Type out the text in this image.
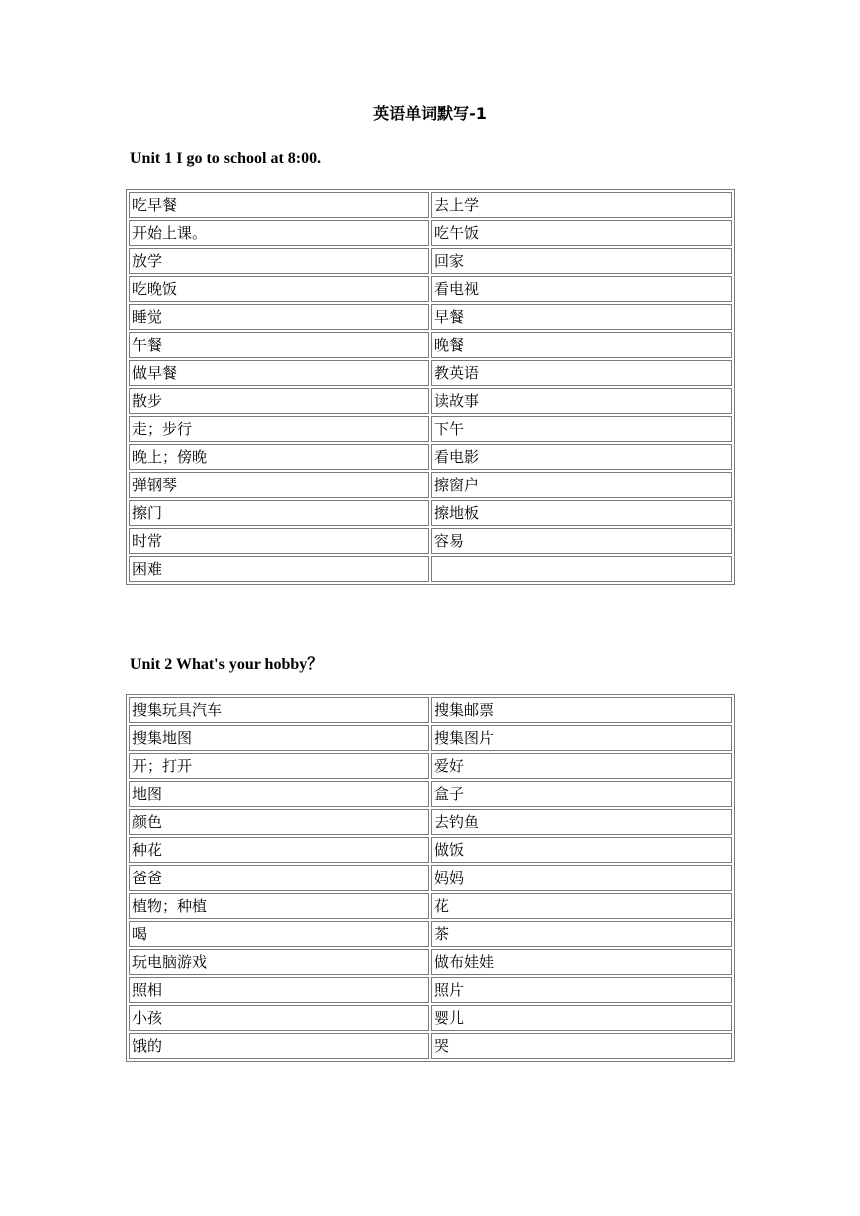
英语单词默写-1
Unit 1 I go to school at 8:00.
吃早餐	去上学
开始上课。	吃午饭
放学	回家
吃晚饭	看电视
睡觉	早餐
午餐	晚餐
做早餐	教英语
散步	读故事
走；步行	下午
晚上；傍晚	看电影
弹钢琴	擦窗户
擦门	擦地板
时常	容易
困难	
Unit 2 What's your hobby？
搜集玩具汽车	搜集邮票
搜集地图	搜集图片
开；打开	爱好
地图	盒子
颜色	去钓鱼
种花	做饭
爸爸	妈妈
植物；种植	花
喝	茶
玩电脑游戏	做布娃娃
照相	照片
小孩	婴儿
饿的	哭
